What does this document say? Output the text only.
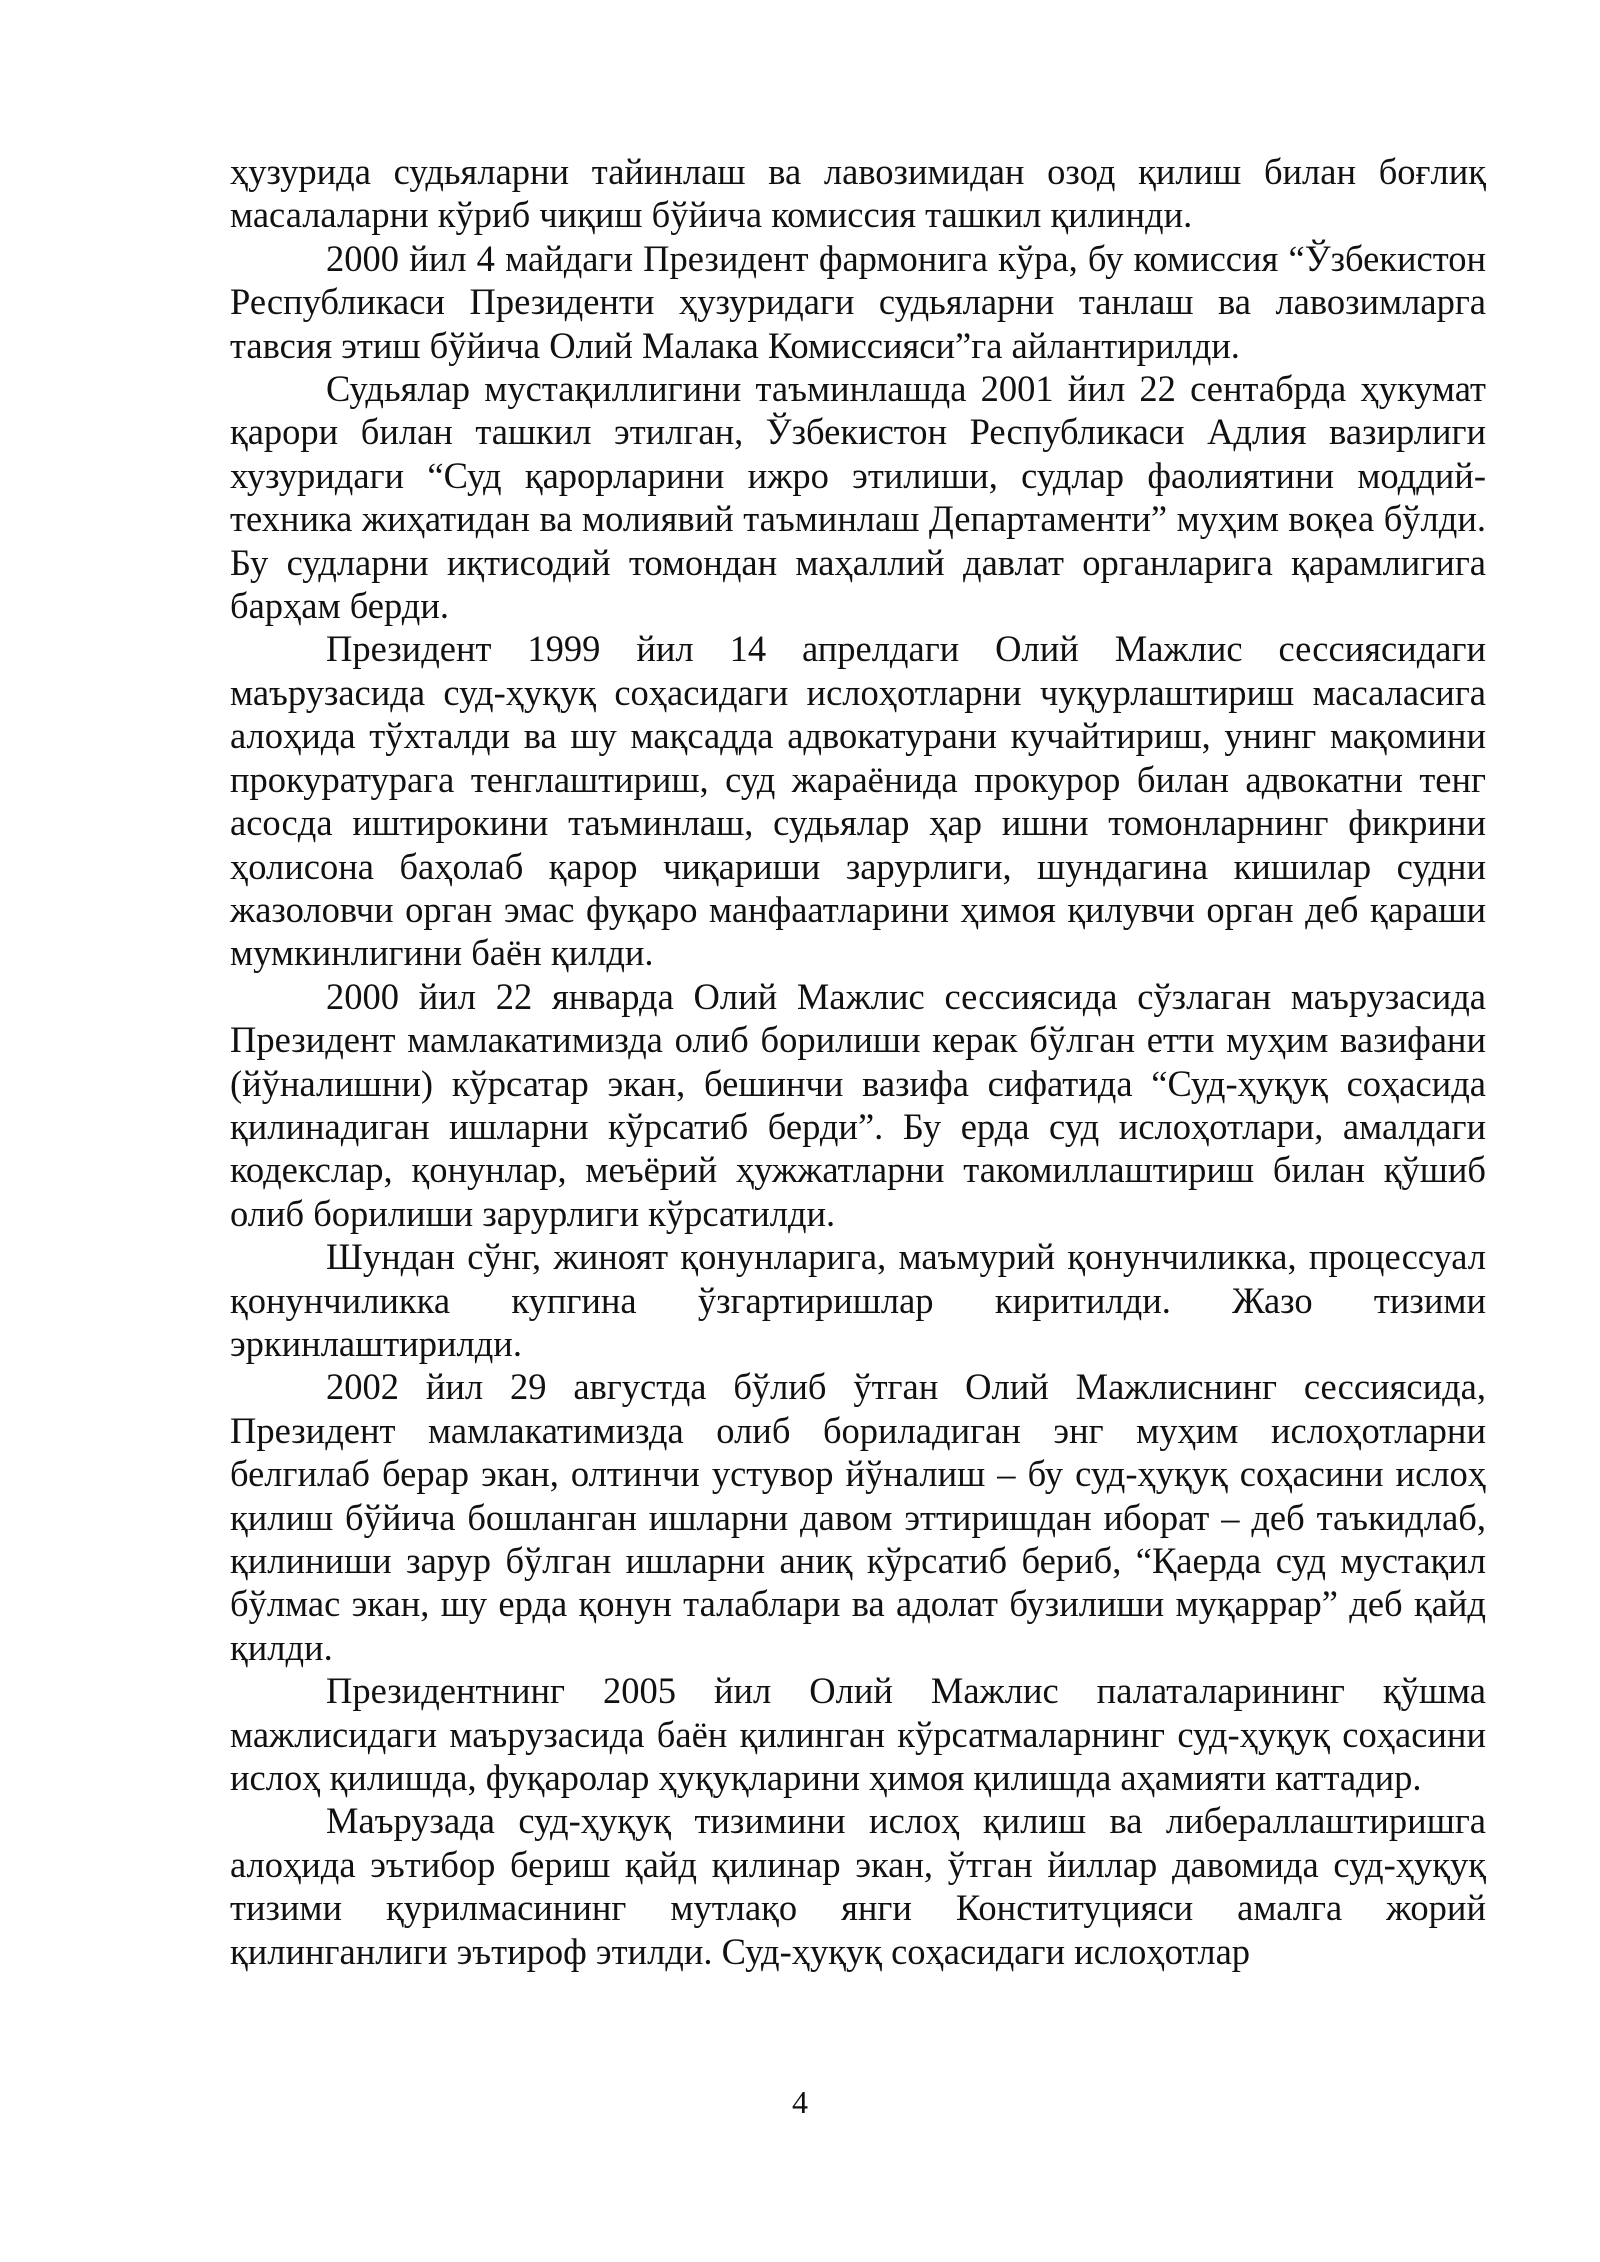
ҳузурида судьяларни тайинлаш ва лавозимидан озод қилиш билан боғлиқ масалаларни кўриб чиқиш бўйича комиссия ташкил қилинди.

2000 йил 4 майдаги Президент фармонига кўра, бу комиссия “Ўзбекистон Республикаси Президенти ҳузуридаги судьяларни танлаш ва лавозимларга тавсия этиш бўйича Олий Малака Комиссияси”га айлантирилди.

Судьялар мустақиллигини таъминлашда 2001 йил 22 сентабрда ҳукумат қарори билан ташкил этилган, Ўзбекистон Республикаси Адлия вазирлиги хузуридаги “Суд қарорларини ижро этилиши, судлар фаолиятини моддий-техника жиҳатидан ва молиявий таъминлаш Департаменти” муҳим воқеа бўлди. Бу судларни иқтисодий томондан маҳаллий давлат органларига қарамлигига барҳам берди.

Президент 1999 йил 14 апрелдаги Олий Мажлис сессиясидаги маърузасида суд-ҳуқуқ соҳасидаги ислоҳотларни чуқурлаштириш масаласига алоҳида тўхталди ва шу мақсадда адвокатурани кучайтириш, унинг мақомини прокуратурага тенглаштириш, суд жараёнида прокурор билан адвокатни тенг асосда иштирокини таъминлаш, судьялар ҳар ишни томонларнинг фикрини ҳолисона баҳолаб қарор чиқариши зарурлиги, шундагина кишилар судни жазоловчи орган эмас фуқаро манфаатларини ҳимоя қилувчи орган деб қараши мумкинлигини баён қилди.

2000 йил 22 январда Олий Мажлис сессиясида сўзлаган маърузасида Президент мамлакатимизда олиб борилиши керак бўлган етти муҳим вазифани (йўналишни) кўрсатар экан, бешинчи вазифа сифатида “Суд-ҳуқуқ соҳасида қилинадиган ишларни кўрсатиб берди”. Бу ерда суд ислоҳотлари, амалдаги кодекслар, қонунлар, меъёрий ҳужжатларни такомиллаштириш билан қўшиб олиб борилиши зарурлиги кўрсатилди.

Шундан сўнг, жиноят қонунларига, маъмурий қонунчиликка, процессуал қонунчиликка купгина ўзгартиришлар киритилди. Жазо тизими эркинлаштирилди.

2002 йил 29 августда бўлиб ўтган Олий Мажлиснинг сессиясида, Президент мамлакатимизда олиб бориладиган энг муҳим ислоҳотларни белгилаб берар экан, олтинчи устувор йўналиш – бу суд-ҳуқуқ соҳасини ислоҳ қилиш бўйича бошланган ишларни давом эттиришдан иборат – деб таъкидлаб, қилиниши зарур бўлган ишларни аниқ кўрсатиб бериб, “Қаерда суд мустақил бўлмас экан, шу ерда қонун талаблари ва адолат бузилиши муқаррар” деб қайд қилди.

Президентнинг 2005 йил Олий Мажлис палаталарининг қўшма мажлисидаги маърузасида баён қилинган кўрсатмаларнинг суд-ҳуқуқ соҳасини ислоҳ қилишда, фуқаролар ҳуқуқларини ҳимоя қилишда аҳамияти каттадир.

Маърузада суд-ҳуқуқ тизимини ислоҳ қилиш ва либераллаштиришга алоҳида эътибор бериш қайд қилинар экан, ўтган йиллар давомида суд-ҳуқуқ тизими қурилмасининг мутлақо янги Конституцияси амалга жорий қилинганлиги эътироф этилди. Суд-ҳуқуқ соҳасидаги ислоҳотлар

4
